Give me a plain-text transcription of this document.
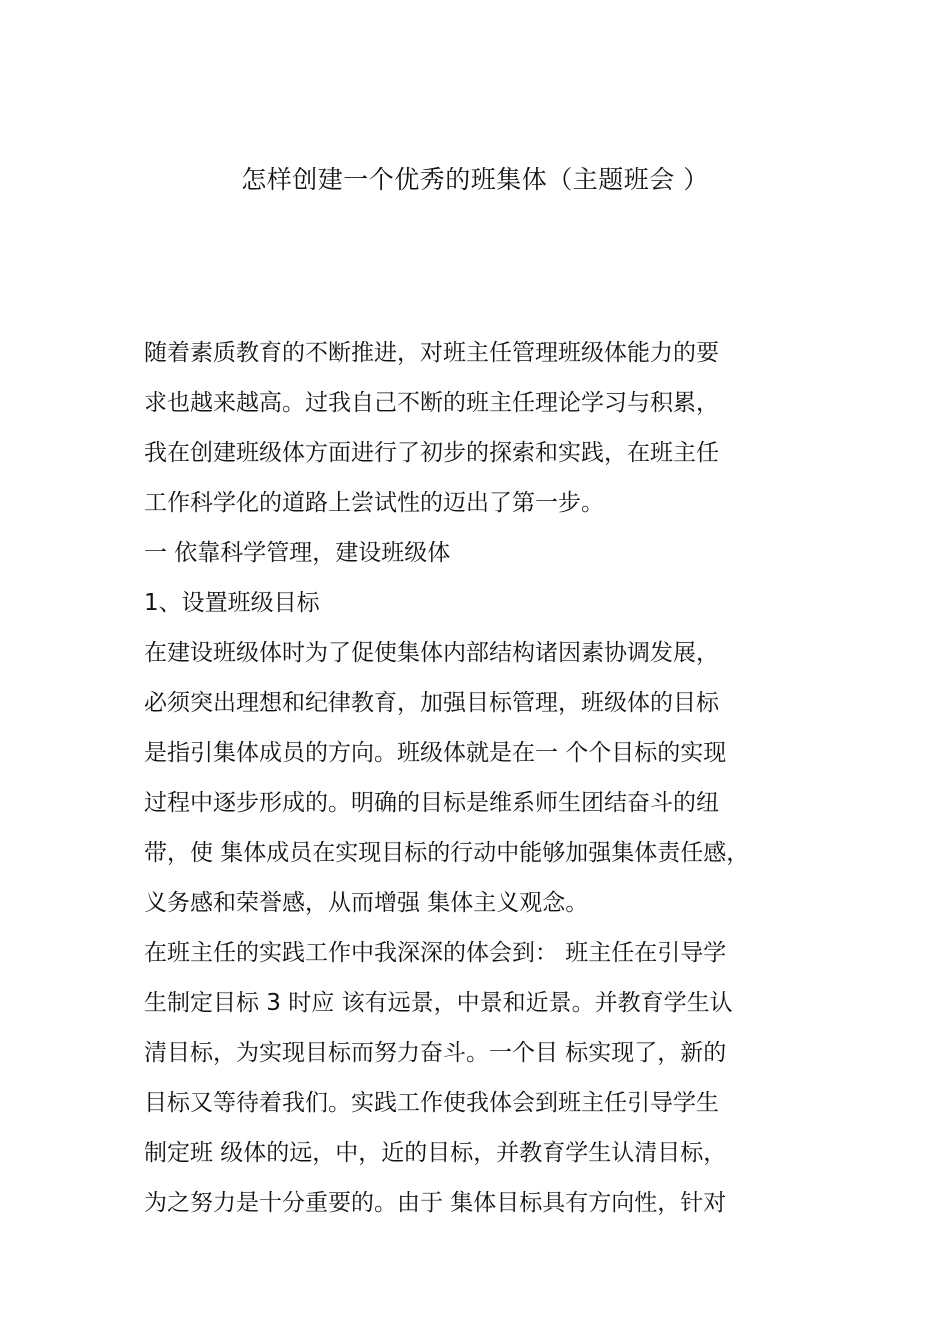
怎样创建一个优秀的班集体（主题班会 ）
随着素质教育的不断推进，对班主任管理班级体能力的要
求也越来越高。过我自己不断的班主任理论学习与积累，
我在创建班级体方面进行了初步的探索和实践，在班主任
工作科学化的道路上尝试性的迈出了第一步。
一 依靠科学管理，建设班级体
1、设置班级目标
在建设班级体时为了促使集体内部结构诸因素协调发展，
必须突出理想和纪律教育，加强目标管理，班级体的目标
是指引集体成员的方向。班级体就是在一 个个目标的实现
过程中逐步形成的。明确的目标是维系师生团结奋斗的纽
带，使 集体成员在实现目标的行动中能够加强集体责任感，
义务感和荣誉感，从而增强 集体主义观念。
在班主任的实践工作中我深深的体会到： 班主任在引导学
生制定目标 3 时应 该有远景，中景和近景。并教育学生认
清目标，为实现目标而努力奋斗。一个目 标实现了，新的
目标又等待着我们。实践工作使我体会到班主任引导学生
制定班 级体的远，中，近的目标，并教育学生认清目标，
为之努力是十分重要的。由于 集体目标具有方向性，针对
